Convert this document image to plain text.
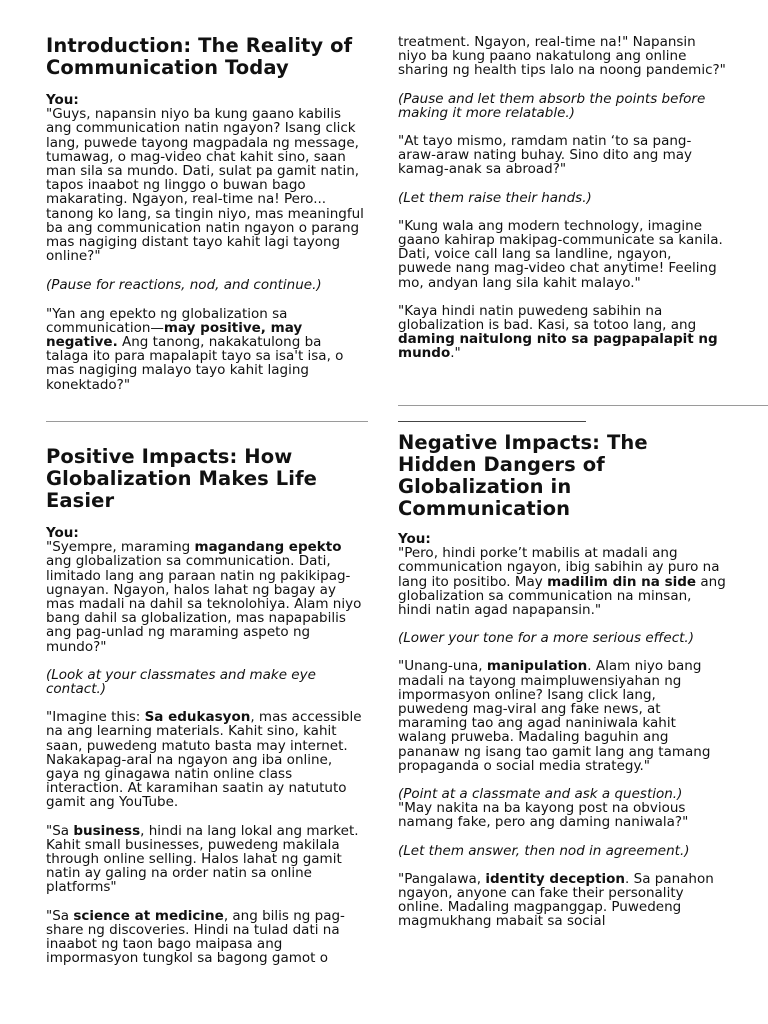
Introduction: The Reality of Communication Today

You:

"Guys, napansin niyo ba kung gaano kabilis ang communication natin ngayon? Isang click lang, puwede tayong magpadala ng message, tumawag, o mag-video chat kahit sino, saan man sila sa mundo. Dati, sulat pa gamit natin, tapos inaabot ng linggo o buwan bago makarating. Ngayon, real-time na! Pero... tanong ko lang, sa tingin niyo, mas meaningful ba ang communication natin ngayon o parang mas nagiging distant tayo kahit lagi tayong online?"

(Pause for reactions, nod, and continue.)

"Yan ang epekto ng globalization sa communication—may positive, may negative. Ang tanong, nakakatulong ba talaga ito para mapalapit tayo sa isa't isa, o mas nagiging malayo tayo kahit laging konektado?"

treatment. Ngayon, real-time na!" Napansin niyo ba kung paano nakatulong ang online sharing ng health tips lalo na noong pandemic?"

(Pause and let them absorb the points before making it more relatable.)

"At tayo mismo, ramdam natin ‘to sa pang-araw-araw nating buhay. Sino dito ang may kamag-anak sa abroad?"

(Let them raise their hands.)

"Kung wala ang modern technology, imagine gaano kahirap makipag-communicate sa kanila. Dati, voice call lang sa landline, ngayon, puwede nang mag-video chat anytime! Feeling mo, andyan lang sila kahit malayo."

"Kaya hindi natin puwedeng sabihin na globalization is bad. Kasi, sa totoo lang, ang daming naitulong nito sa pagpapalapit ng mundo."

Positive Impacts: How Globalization Makes Life Easier

You:

"Syempre, maraming magandang epekto ang globalization sa communication. Dati, limitado lang ang paraan natin ng pakikipag-ugnayan. Ngayon, halos lahat ng bagay ay mas madali na dahil sa teknolohiya. Alam niyo bang dahil sa globalization, mas napapabilis ang pag-unlad ng maraming aspeto ng mundo?"

(Look at your classmates and make eye contact.)

"Imagine this: Sa edukasyon, mas accessible na ang learning materials. Kahit sino, kahit saan, puwedeng matuto basta may internet. Nakakapag-aral na ngayon ang iba online, gaya ng ginagawa natin online class interaction. At karamihan saatin ay natututo gamit ang YouTube.

"Sa business, hindi na lang lokal ang market. Kahit small businesses, puwedeng makilala through online selling. Halos lahat ng gamit natin ay galing na order natin sa online platforms"

"Sa science at medicine, ang bilis ng pag-share ng discoveries. Hindi na tulad dati na inaabot ng taon bago maipasa ang impormasyon tungkol sa bagong gamot o

Negative Impacts: The Hidden Dangers of Globalization in Communication

You:

"Pero, hindi porke’t mabilis at madali ang communication ngayon, ibig sabihin ay puro na lang ito positibo. May madilim din na side ang globalization sa communication na minsan, hindi natin agad napapansin."

(Lower your tone for a more serious effect.)

"Unang-una, manipulation. Alam niyo bang madali na tayong maimpluwensiyahan ng impormasyon online? Isang click lang, puwedeng mag-viral ang fake news, at maraming tao ang agad naniniwala kahit walang pruweba. Madaling baguhin ang pananaw ng isang tao gamit lang ang tamang propaganda o social media strategy."

(Point at a classmate and ask a question.)

"May nakita na ba kayong post na obvious namang fake, pero ang daming naniwala?"

(Let them answer, then nod in agreement.)

"Pangalawa, identity deception. Sa panahon ngayon, anyone can fake their personality online. Madaling magpanggap. Puwedeng magmukhang mabait sa social
